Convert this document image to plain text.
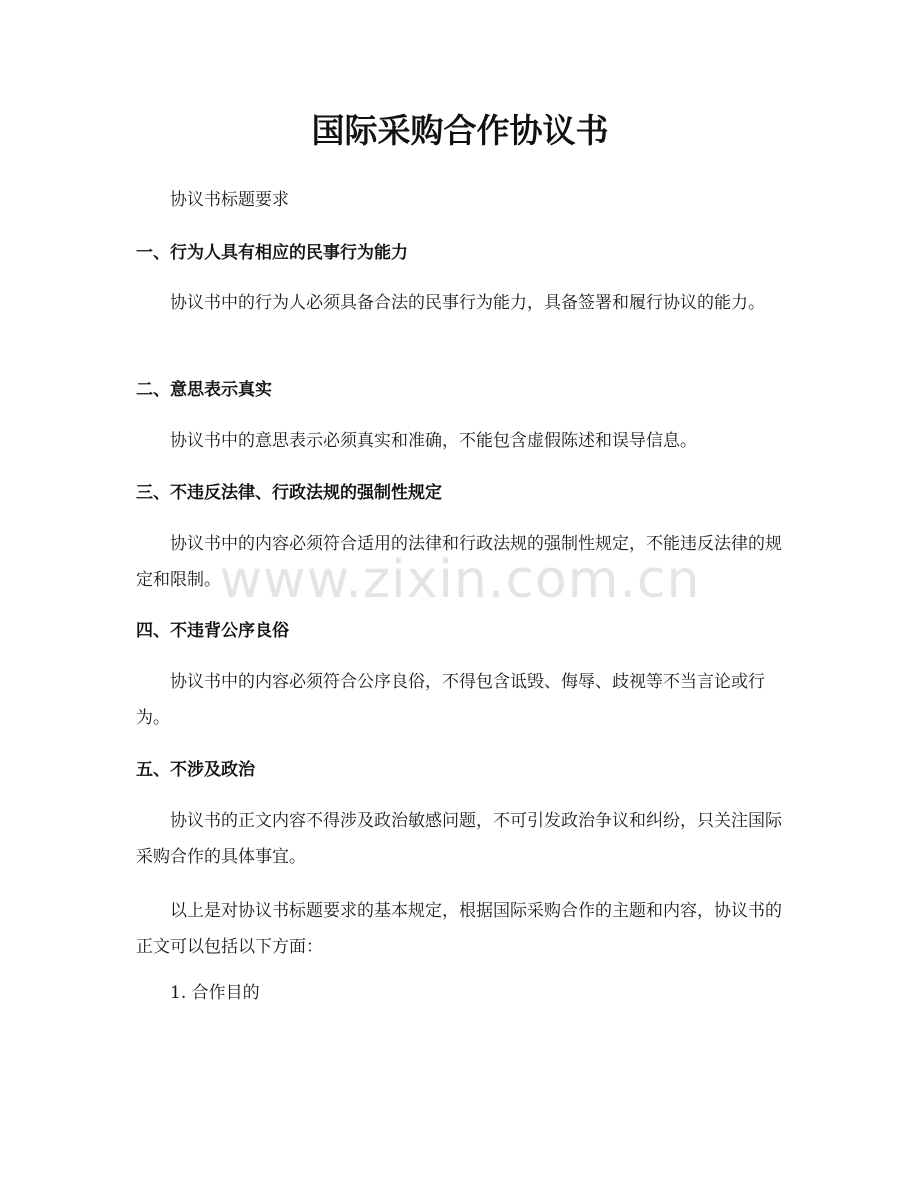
国际采购合作协议书

协议书标题要求

一、行为人具有相应的民事行为能力

协议书中的行为人必须具备合法的民事行为能力，具备签署和履行协议的能力。

二、意思表示真实

协议书中的意思表示必须真实和准确，不能包含虚假陈述和误导信息。

三、不违反法律、行政法规的强制性规定

协议书中的内容必须符合适用的法律和行政法规的强制性规定，不能违反法律的规定和限制。

四、不违背公序良俗

协议书中的内容必须符合公序良俗，不得包含诋毁、侮辱、歧视等不当言论或行为。

五、不涉及政治

协议书的正文内容不得涉及政治敏感问题，不可引发政治争议和纠纷，只关注国际采购合作的具体事宜。

以上是对协议书标题要求的基本规定，根据国际采购合作的主题和内容，协议书的正文可以包括以下方面：

1. 合作目的

www.zixin.com.cn
